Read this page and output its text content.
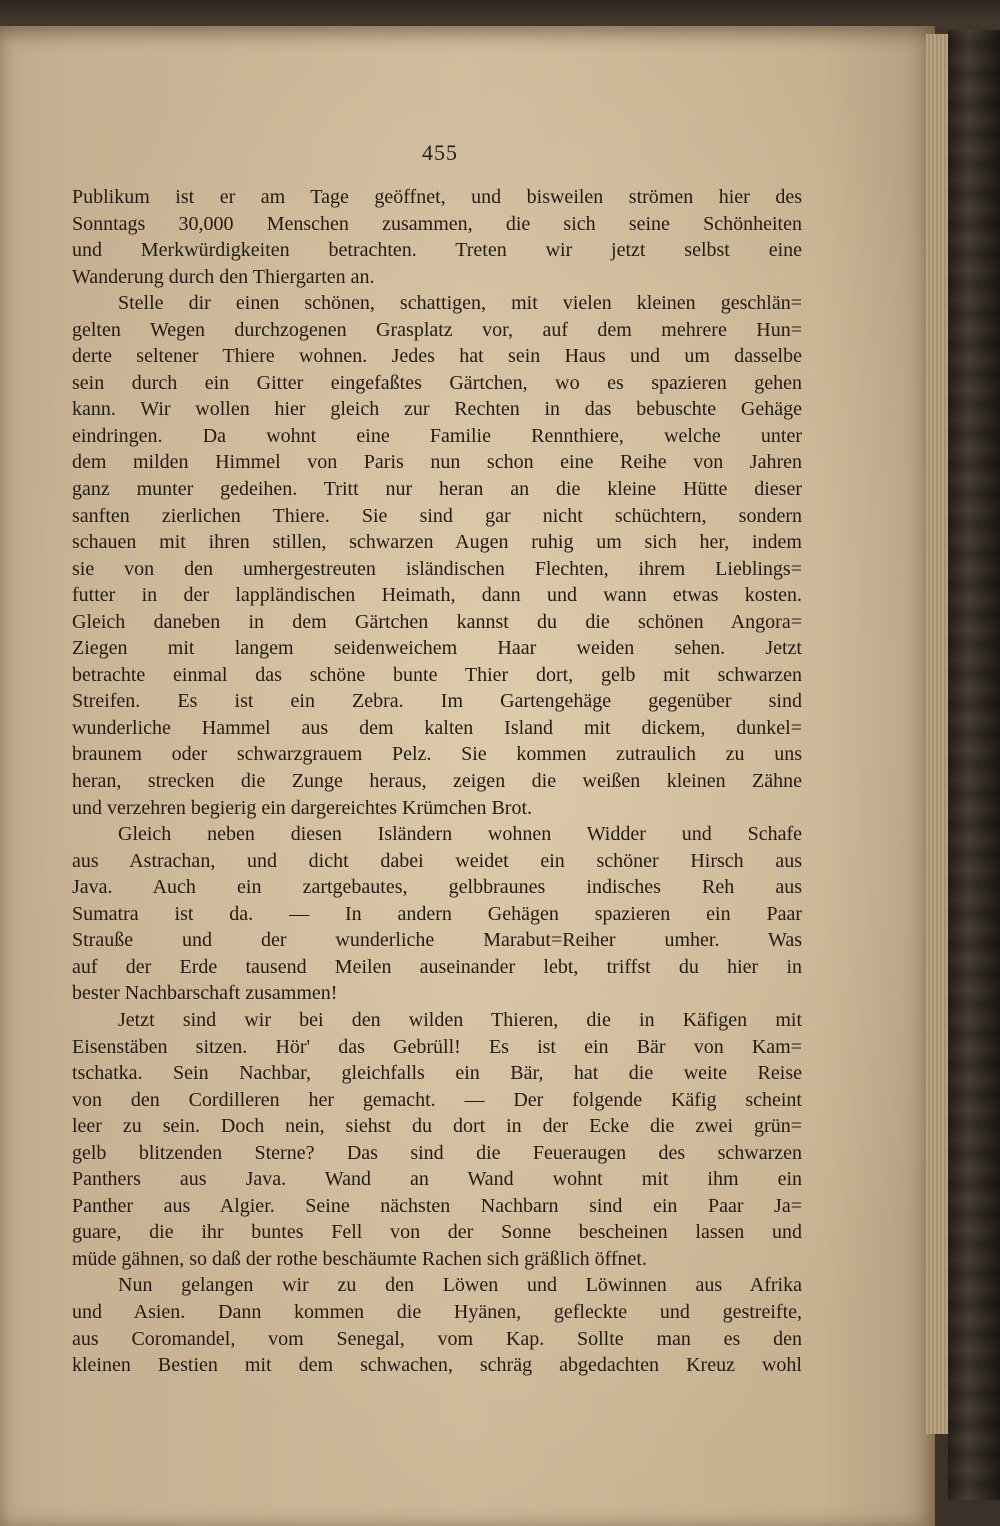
455
Publikum ist er am Tage geöffnet, und bisweilen strömen hier des
Sonntags 30,000 Menschen zusammen, die sich seine Schönheiten
und Merkwürdigkeiten betrachten. Treten wir jetzt selbst eine
Wanderung durch den Thiergarten an.
Stelle dir einen schönen, schattigen, mit vielen kleinen geschlän=
gelten Wegen durchzogenen Grasplatz vor, auf dem mehrere Hun=
derte seltener Thiere wohnen. Jedes hat sein Haus und um dasselbe
sein durch ein Gitter eingefaßtes Gärtchen, wo es spazieren gehen
kann. Wir wollen hier gleich zur Rechten in das bebuschte Gehäge
eindringen. Da wohnt eine Familie Rennthiere, welche unter
dem milden Himmel von Paris nun schon eine Reihe von Jahren
ganz munter gedeihen. Tritt nur heran an die kleine Hütte dieser
sanften zierlichen Thiere. Sie sind gar nicht schüchtern, sondern
schauen mit ihren stillen, schwarzen Augen ruhig um sich her, indem
sie von den umhergestreuten isländischen Flechten, ihrem Lieblings=
futter in der lappländischen Heimath, dann und wann etwas kosten.
Gleich daneben in dem Gärtchen kannst du die schönen Angora=
Ziegen mit langem seidenweichem Haar weiden sehen. Jetzt
betrachte einmal das schöne bunte Thier dort, gelb mit schwarzen
Streifen. Es ist ein Zebra. Im Gartengehäge gegenüber sind
wunderliche Hammel aus dem kalten Island mit dickem, dunkel=
braunem oder schwarzgrauem Pelz. Sie kommen zutraulich zu uns
heran, strecken die Zunge heraus, zeigen die weißen kleinen Zähne
und verzehren begierig ein dargereichtes Krümchen Brot.
Gleich neben diesen Isländern wohnen Widder und Schafe
aus Astrachan, und dicht dabei weidet ein schöner Hirsch aus
Java. Auch ein zartgebautes, gelbbraunes indisches Reh aus
Sumatra ist da. — In andern Gehägen spazieren ein Paar
Strauße und der wunderliche Marabut=Reiher umher. Was
auf der Erde tausend Meilen auseinander lebt, triffst du hier in
bester Nachbarschaft zusammen!
Jetzt sind wir bei den wilden Thieren, die in Käfigen mit
Eisenstäben sitzen. Hör' das Gebrüll! Es ist ein Bär von Kam=
tschatka. Sein Nachbar, gleichfalls ein Bär, hat die weite Reise
von den Cordilleren her gemacht. — Der folgende Käfig scheint
leer zu sein. Doch nein, siehst du dort in der Ecke die zwei grün=
gelb blitzenden Sterne? Das sind die Feueraugen des schwarzen
Panthers aus Java. Wand an Wand wohnt mit ihm ein
Panther aus Algier. Seine nächsten Nachbarn sind ein Paar Ja=
guare, die ihr buntes Fell von der Sonne bescheinen lassen und
müde gähnen, so daß der rothe beschäumte Rachen sich gräßlich öffnet.
Nun gelangen wir zu den Löwen und Löwinnen aus Afrika
und Asien. Dann kommen die Hyänen, gefleckte und gestreifte,
aus Coromandel, vom Senegal, vom Kap. Sollte man es den
kleinen Bestien mit dem schwachen, schräg abgedachten Kreuz wohl
